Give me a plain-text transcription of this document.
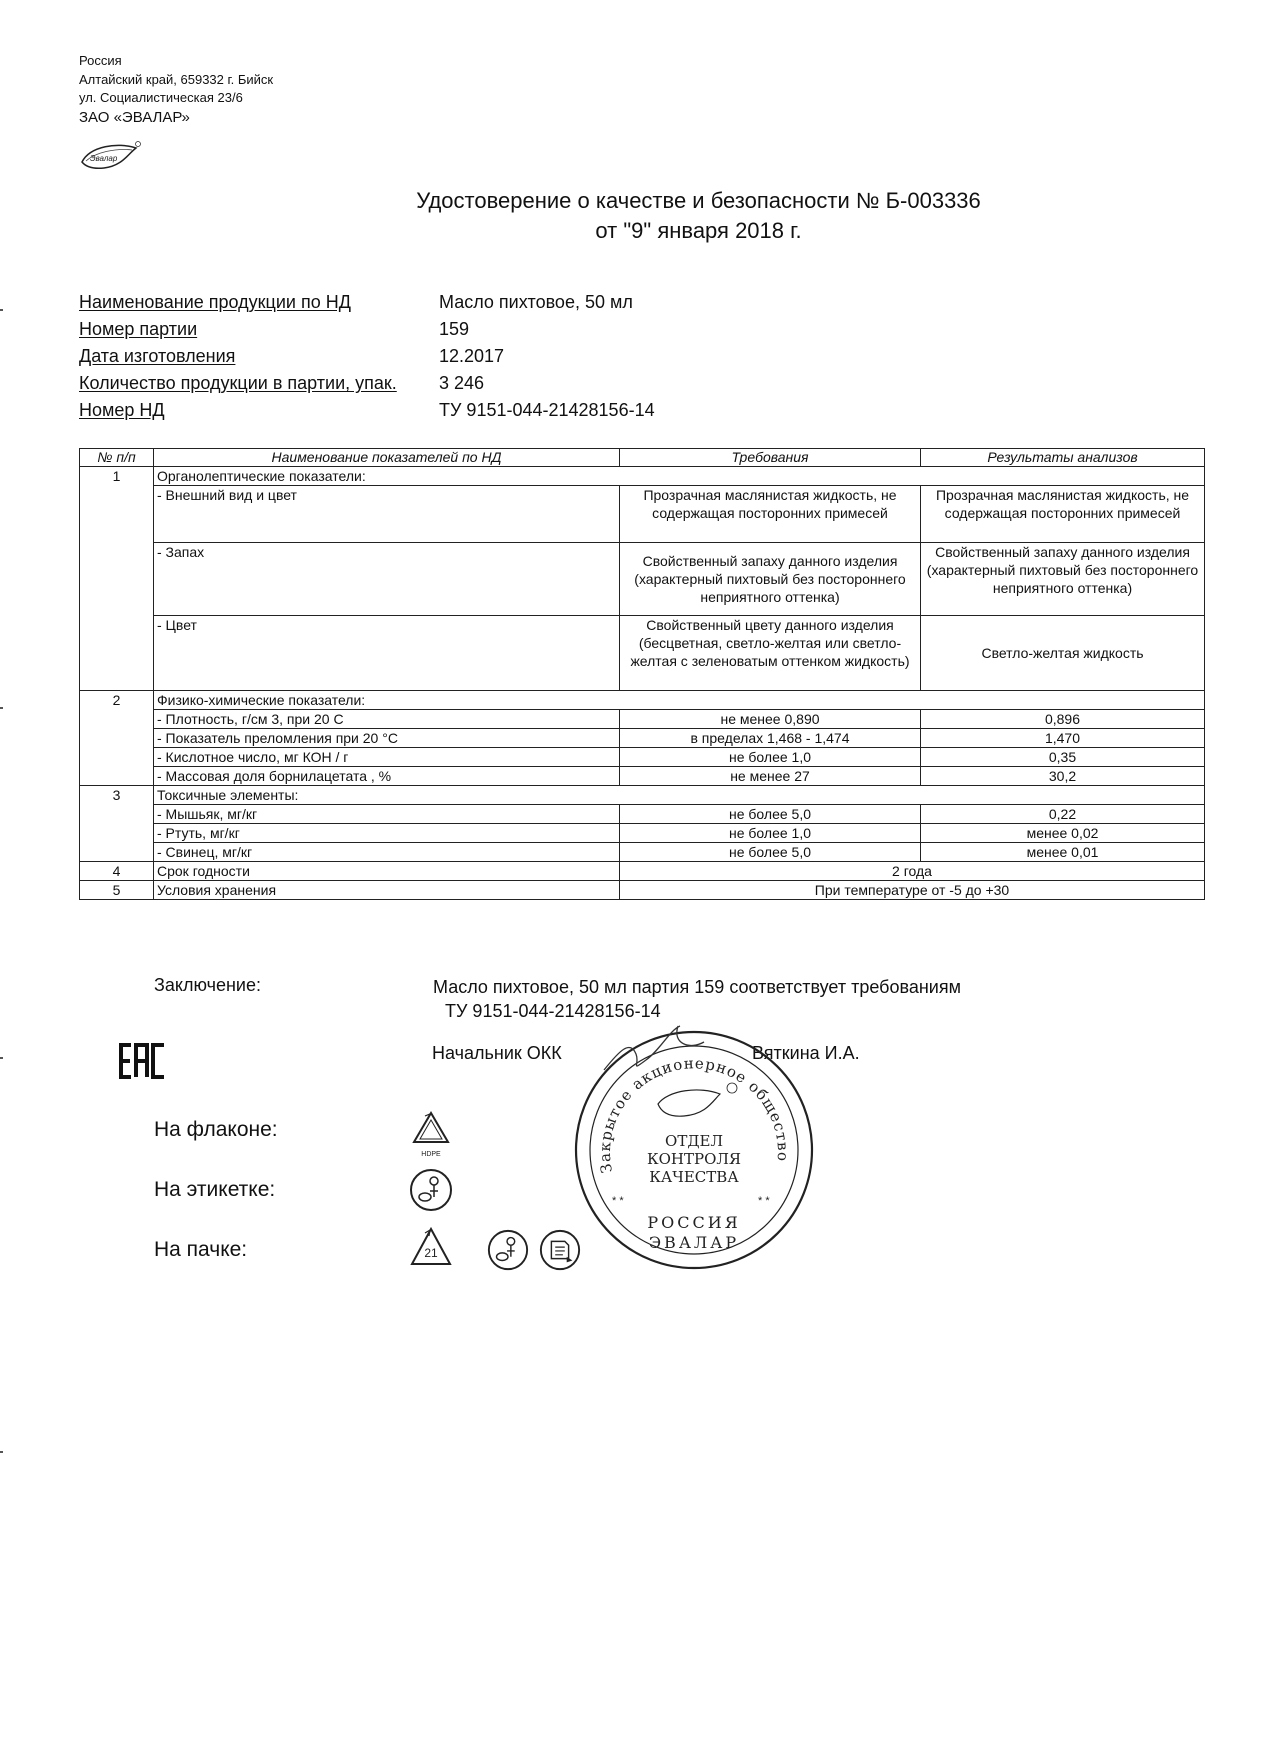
Россия
Алтайский край, 659332 г. Бийск
ул. Социалистическая 23/6
ЗАО «ЭВАЛАР»
Эвалар
Удостоверение о качестве и безопасности № Б-003336
от "9" января 2018 г.
Наименование продукции по НД	Масло пихтовое, 50 мл
Номер партии	159
Дата изготовления	12.2017
Количество продукции в партии, упак.	3 246
Номер НД	ТУ 9151-044-21428156-14
№ п/п	Наименование показателей по НД	Требования	Результаты анализов
1	Органолептические показатели:		
	- Внешний вид и цвет	Прозрачная маслянистая жидкость, не содержащая посторонних примесей	Прозрачная маслянистая жидкость, не содержащая посторонних примесей
	- Запах	Свойственный запаху данного изделия (характерный пихтовый без постороннего неприятного оттенка)	Свойственный запаху данного изделия (характерный пихтовый без постороннего неприятного оттенка)
	- Цвет	Свойственный цвету данного изделия (бесцветная, светло-желтая или светло-желтая с зеленоватым оттенком жидкость)	Светло-желтая жидкость
2	Физико-химические показатели:		
	- Плотность, г/см 3, при 20 С	не менее 0,890	0,896
	- Показатель преломления при 20 °С	в пределах 1,468 - 1,474	1,470
	- Кислотное число, мг КОН / г	не более 1,0	0,35
	- Массовая доля борнилацетата , %	не менее 27	30,2
3	Токсичные элементы:		
	- Мышьяк, мг/кг	не более 5,0	0,22
	- Ртуть, мг/кг	не более 1,0	менее 0,02
	- Свинец, мг/кг	не более 5,0	менее 0,01
4	Срок годности	2 года	
5	Условия хранения	При температуре от -5 до +30	
Заключение:	Масло пихтовое, 50 мл партия 159 соответствует требованиям
ТУ 9151-044-21428156-14
Начальник ОКК	Вяткина И.А.
Закрытое акционерное общество
ОТДЕЛ
КОНТРОЛЯ
КАЧЕСТВА
РОССИЯ
ЭВАЛАР
* *	* *
На флаконе:
На этикетке:
На пачке:
HDPE
21
